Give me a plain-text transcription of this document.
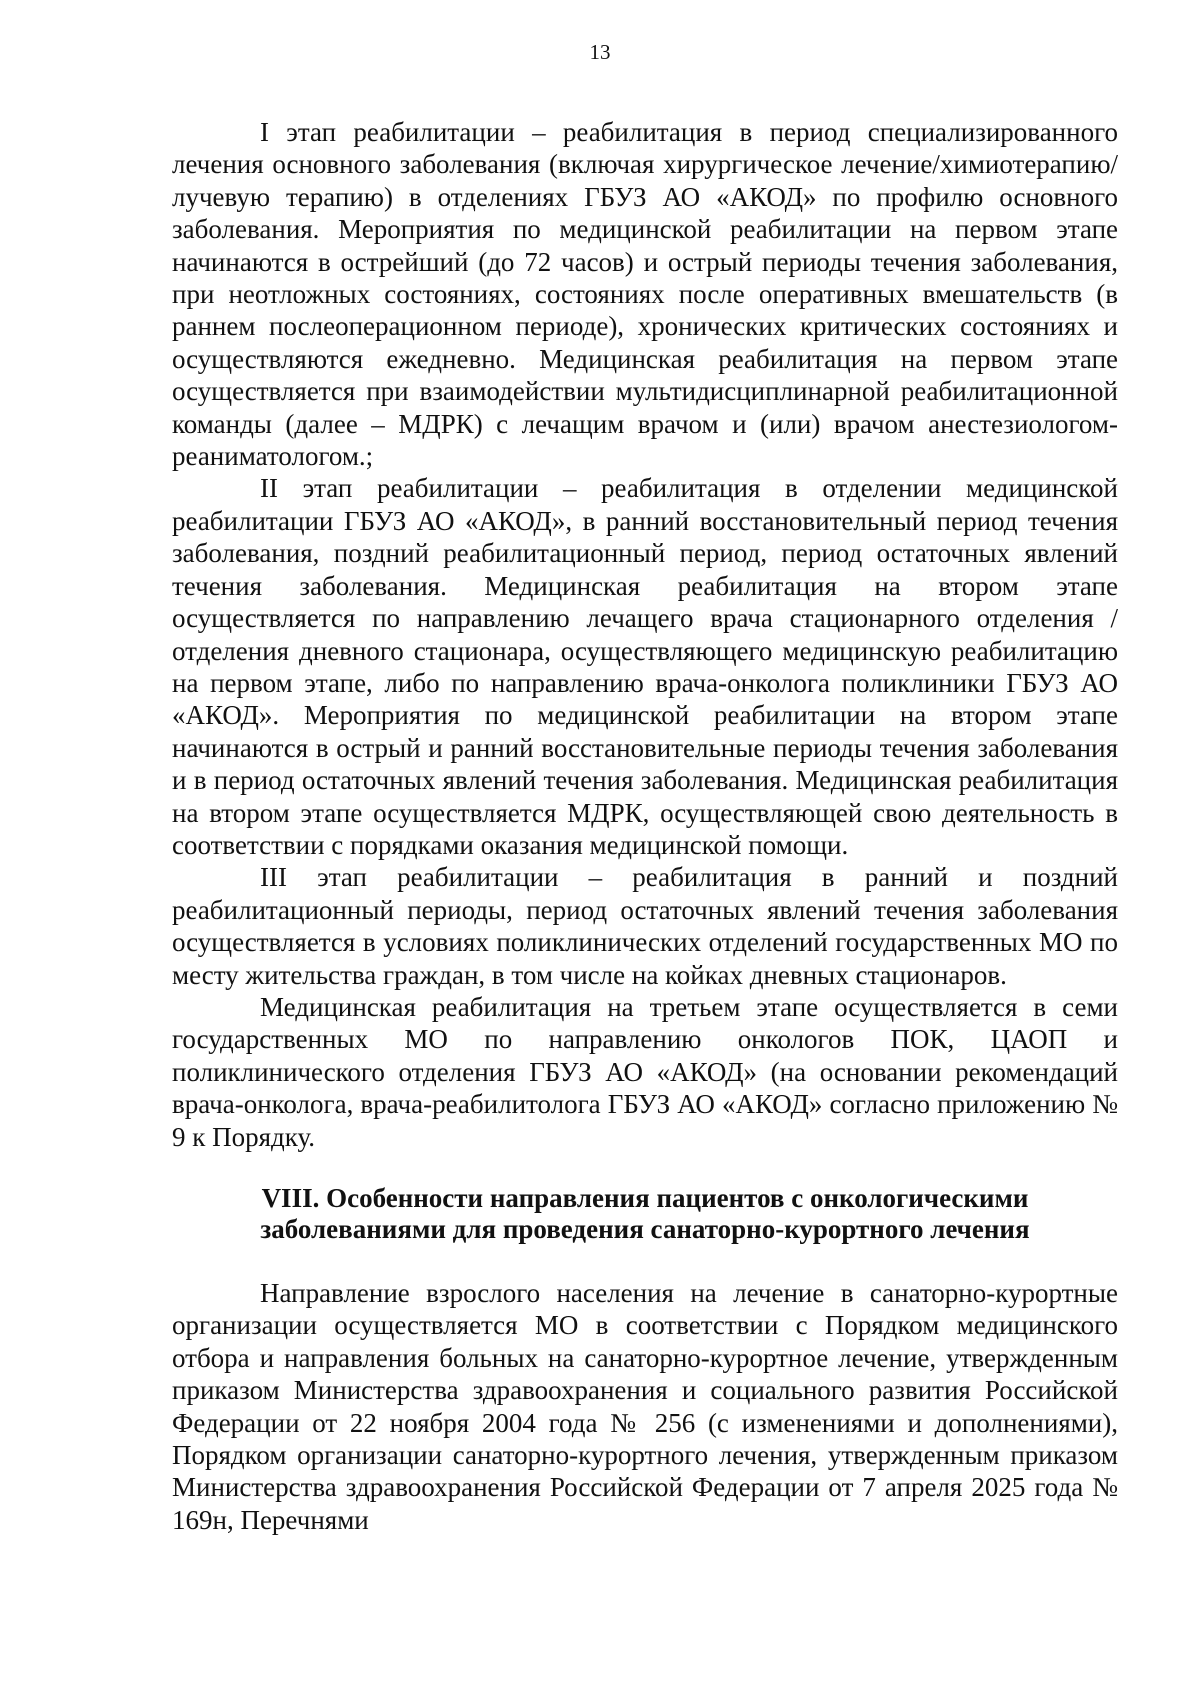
13

I этап реабилитации – реабилитация в период специализированного лечения основного заболевания (включая хирургическое лечение/химиотерапию/лучевую терапию) в отделениях ГБУЗ АО «АКОД» по профилю основного заболевания. Мероприятия по медицинской реабилитации на первом этапе начинаются в острейший (до 72 часов) и острый периоды течения заболевания, при неотложных состояниях, состояниях после оперативных вмешательств (в раннем послеоперационном периоде), хронических критических состояниях и осуществляются ежедневно. Медицинская реабилитация на первом этапе осуществляется при взаимодействии мультидисциплинарной реабилитационной команды (далее – МДРК) с лечащим врачом и (или) врачом анестезиологом-реаниматологом.;

II этап реабилитации – реабилитация в отделении медицинской реабилитации ГБУЗ АО «АКОД», в ранний восстановительный период течения заболевания, поздний реабилитационный период, период остаточных явлений течения заболевания. Медицинская реабилитация на втором этапе осуществляется по направлению лечащего врача стационарного отделения / отделения дневного стационара, осуществляющего медицинскую реабилитацию на первом этапе, либо по направлению врача-онколога поликлиники ГБУЗ АО «АКОД». Мероприятия по медицинской реабилитации на втором этапе начинаются в острый и ранний восстановительные периоды течения заболевания и в период остаточных явлений течения заболевания. Медицинская реабилитация на втором этапе осуществляется МДРК, осуществляющей свою деятельность в соответствии с порядками оказания медицинской помощи.

III этап реабилитации – реабилитация в ранний и поздний реабилитационный периоды, период остаточных явлений течения заболевания осуществляется в условиях поликлинических отделений государственных МО по месту жительства граждан, в том числе на койках дневных стационаров.

Медицинская реабилитация на третьем этапе осуществляется в семи государственных МО по направлению онкологов ПОК, ЦАОП и поликлинического отделения ГБУЗ АО «АКОД» (на основании рекомендаций врача-онколога, врача-реабилитолога ГБУЗ АО «АКОД» согласно приложению № 9 к Порядку.

VIII. Особенности направления пациентов с онкологическими
заболеваниями для проведения санаторно-курортного лечения

Направление взрослого населения на лечение в санаторно-курортные организации осуществляется МО в соответствии с Порядком медицинского отбора и направления больных на санаторно-курортное лечение, утвержденным приказом Министерства здравоохранения и социального развития Российской Федерации от 22 ноября 2004 года № 256 (с изменениями и дополнениями), Порядком организации санаторно-курортного лечения, утвержденным приказом Министерства здравоохранения Российской Федерации от 7 апреля 2025 года № 169н, Перечнями
